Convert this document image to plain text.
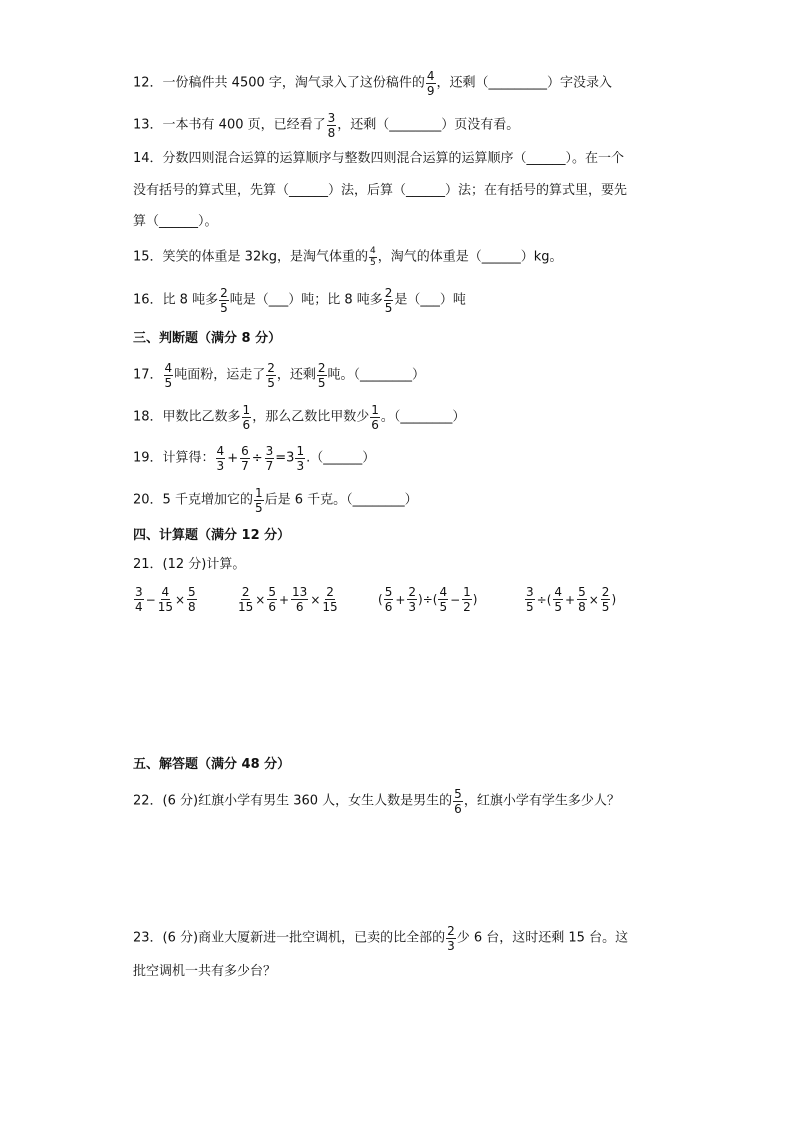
12．一份稿件共 4500 字，淘气录入了这份稿件的 $\frac{4}{9}$ ，还剩（_________）字没录入
13．一本书有 400 页，已经看了 $\frac{3}{8}$ ，还剩（________）页没有看。
14．分数四则混合运算的运算顺序与整数四则混合运算的运算顺序（______）。在一个
没有括号的算式里，先算（______）法，后算（______）法；在有括号的算式里，要先
算（______）。
15．笑笑的体重是 32kg，是淘气体重的 $\frac{4}{5}$ ，淘气的体重是（______）kg。
16．比 8 吨多 $\frac{2}{5}$ 吨是（___）吨；比 8 吨多 $\frac{2}{5}$ 是（___）吨
三、判断题（满分 8 分）
17． $\frac{4}{5}$ 吨面粉，运走了 $\frac{2}{5}$ ，还剩 $\frac{2}{5}$ 吨。（________）
18．甲数比乙数多 $\frac{1}{6}$ ，那么乙数比甲数少 $\frac{1}{6}$ 。（________）
19．计算得： $\frac{4}{3} + \frac{6}{7} \div \frac{3}{7} =3 \frac{1}{3}$ .（______）
20．5 千克增加它的 $\frac{1}{5}$ 后是 6 千克。（________）
四、计算题（满分 12 分）
21．(12 分)计算。
$\frac{3}{4} - \frac{4}{15} \times \frac{5}{8}$	$\frac{2}{15} \times \frac{5}{6} + \frac{13}{6} \times \frac{2}{15}$	( $\frac{5}{6} + \frac{2}{3}$ )÷( $\frac{4}{5} - \frac{1}{2}$ )	$\frac{3}{5}$ ÷( $\frac{4}{5} + \frac{5}{8} \times \frac{2}{5}$ )
五、解答题（满分 48 分）
22．(6 分)红旗小学有男生 360 人，女生人数是男生的 $\frac{5}{6}$ ，红旗小学有学生多少人？
23．(6 分)商业大厦新进一批空调机，已卖的比全部的 $\frac{2}{3}$ 少 6 台，这时还剩 15 台。这
批空调机一共有多少台？
